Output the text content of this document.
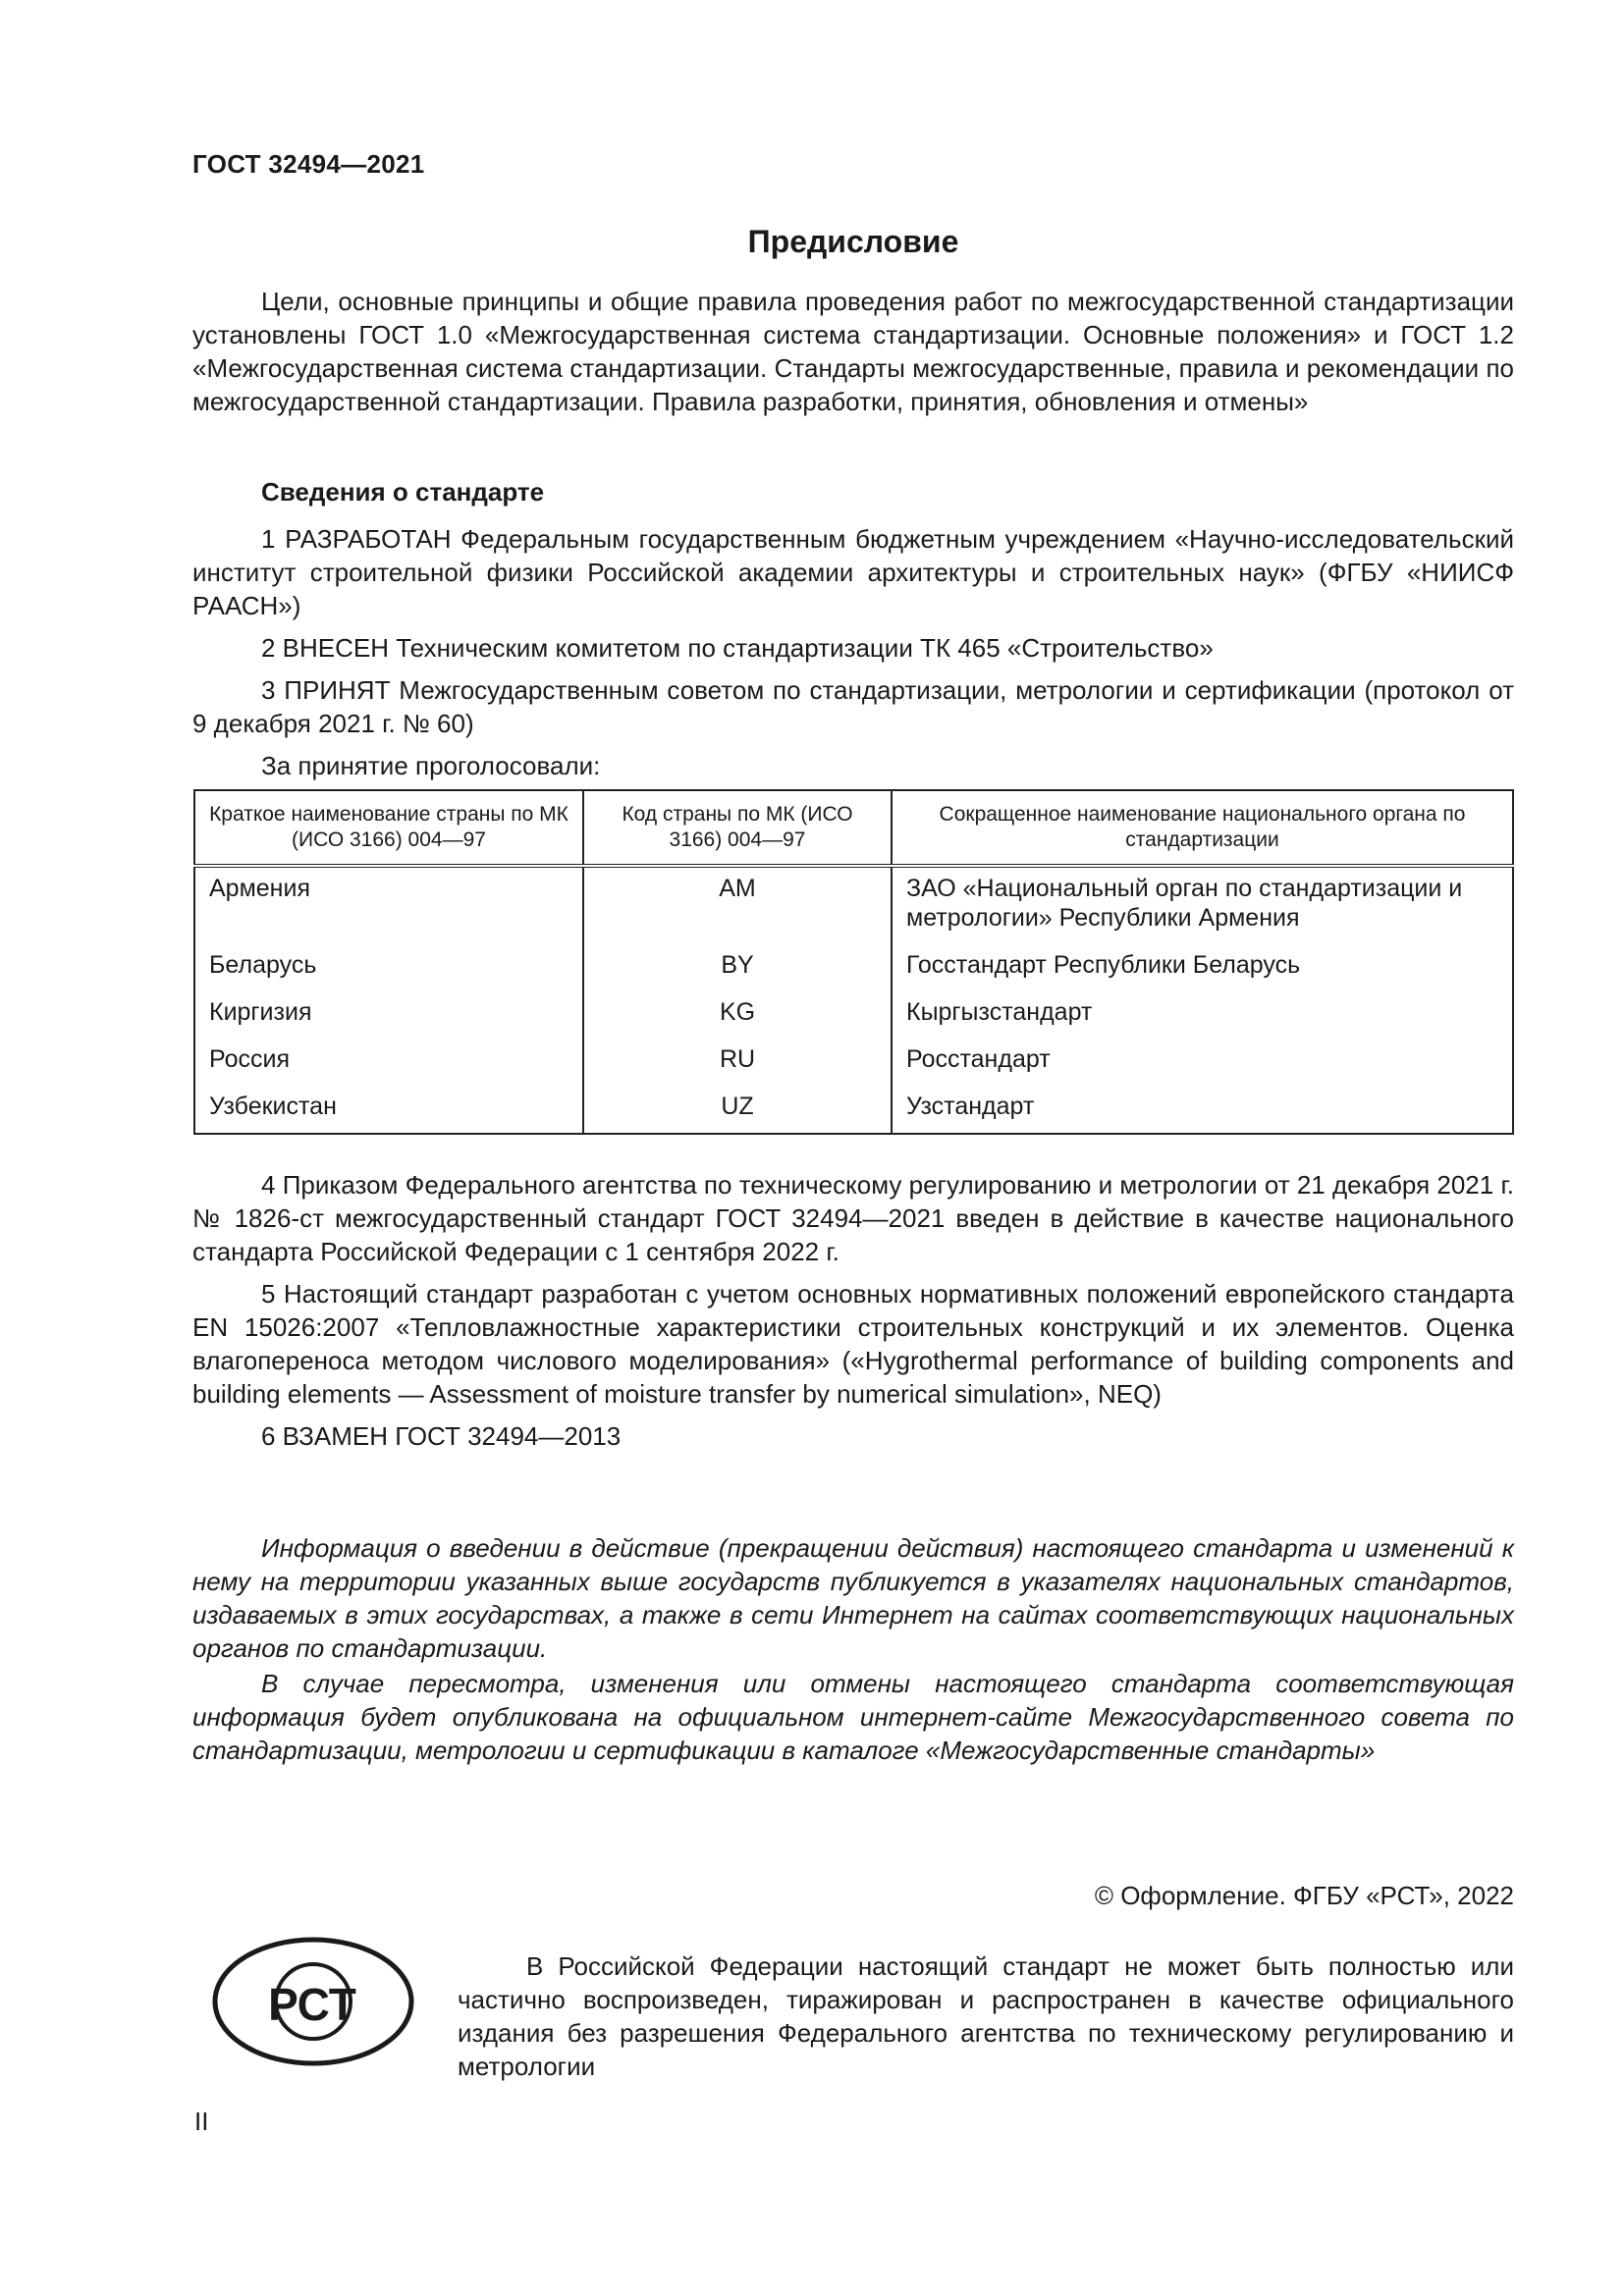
ГОСТ 32494—2021
Предисловие

Цели, основные принципы и общие правила проведения работ по межгосударственной стандартизации установлены ГОСТ 1.0 «Межгосударственная система стандартизации. Основные положения» и ГОСТ 1.2 «Межгосударственная система стандартизации. Стандарты межгосударственные, правила и рекомендации по межгосударственной стандартизации. Правила разработки, принятия, обновления и отмены»

Сведения о стандарте

1 РАЗРАБОТАН Федеральным государственным бюджетным учреждением «Научно-исследовательский институт строительной физики Российской академии архитектуры и строительных наук» (ФГБУ «НИИСФ РААСН»)

2 ВНЕСЕН Техническим комитетом по стандартизации ТК 465 «Строительство»

3 ПРИНЯТ Межгосударственным советом по стандартизации, метрологии и сертификации (протокол от 9 декабря 2021 г. № 60)

За принятие проголосовали:

Краткое наименование страны по МК (ИСО 3166) 004—97	Код страны по МК (ИСО 3166) 004—97	Сокращенное наименование национального органа по стандартизации
Армения	AM	ЗАО «Национальный орган по стандартизации и метрологии» Республики Армения
Беларусь	BY	Госстандарт Республики Беларусь
Киргизия	KG	Кыргызстандарт
Россия	RU	Росстандарт
Узбекистан	UZ	Узстандарт

4 Приказом Федерального агентства по техническому регулированию и метрологии от 21 декабря 2021 г. № 1826-ст межгосударственный стандарт ГОСТ 32494—2021 введен в действие в качестве национального стандарта Российской Федерации с 1 сентября 2022 г.

5 Настоящий стандарт разработан с учетом основных нормативных положений европейского стандарта EN 15026:2007 «Тепловлажностные характеристики строительных конструкций и их элементов. Оценка влагопереноса методом числового моделирования» («Hygrothermal performance of building components and building elements — Assessment of moisture transfer by numerical simulation», NEQ)

6 ВЗАМЕН ГОСТ 32494—2013

Информация о введении в действие (прекращении действия) настоящего стандарта и изменений к нему на территории указанных выше государств публикуется в указателях национальных стандартов, издаваемых в этих государствах, а также в сети Интернет на сайтах соответствующих национальных органов по стандартизации.

В случае пересмотра, изменения или отмены настоящего стандарта соответствующая информация будет опубликована на официальном интернет-сайте Межгосударственного совета по стандартизации, метрологии и сертификации в каталоге «Межгосударственные стандарты»

© Оформление. ФГБУ «РСТ», 2022
РСТ
В Российской Федерации настоящий стандарт не может быть полностью или частично воспроизведен, тиражирован и распространен в качестве официального издания без разрешения Федерального агентства по техническому регулированию и метрологии
II
